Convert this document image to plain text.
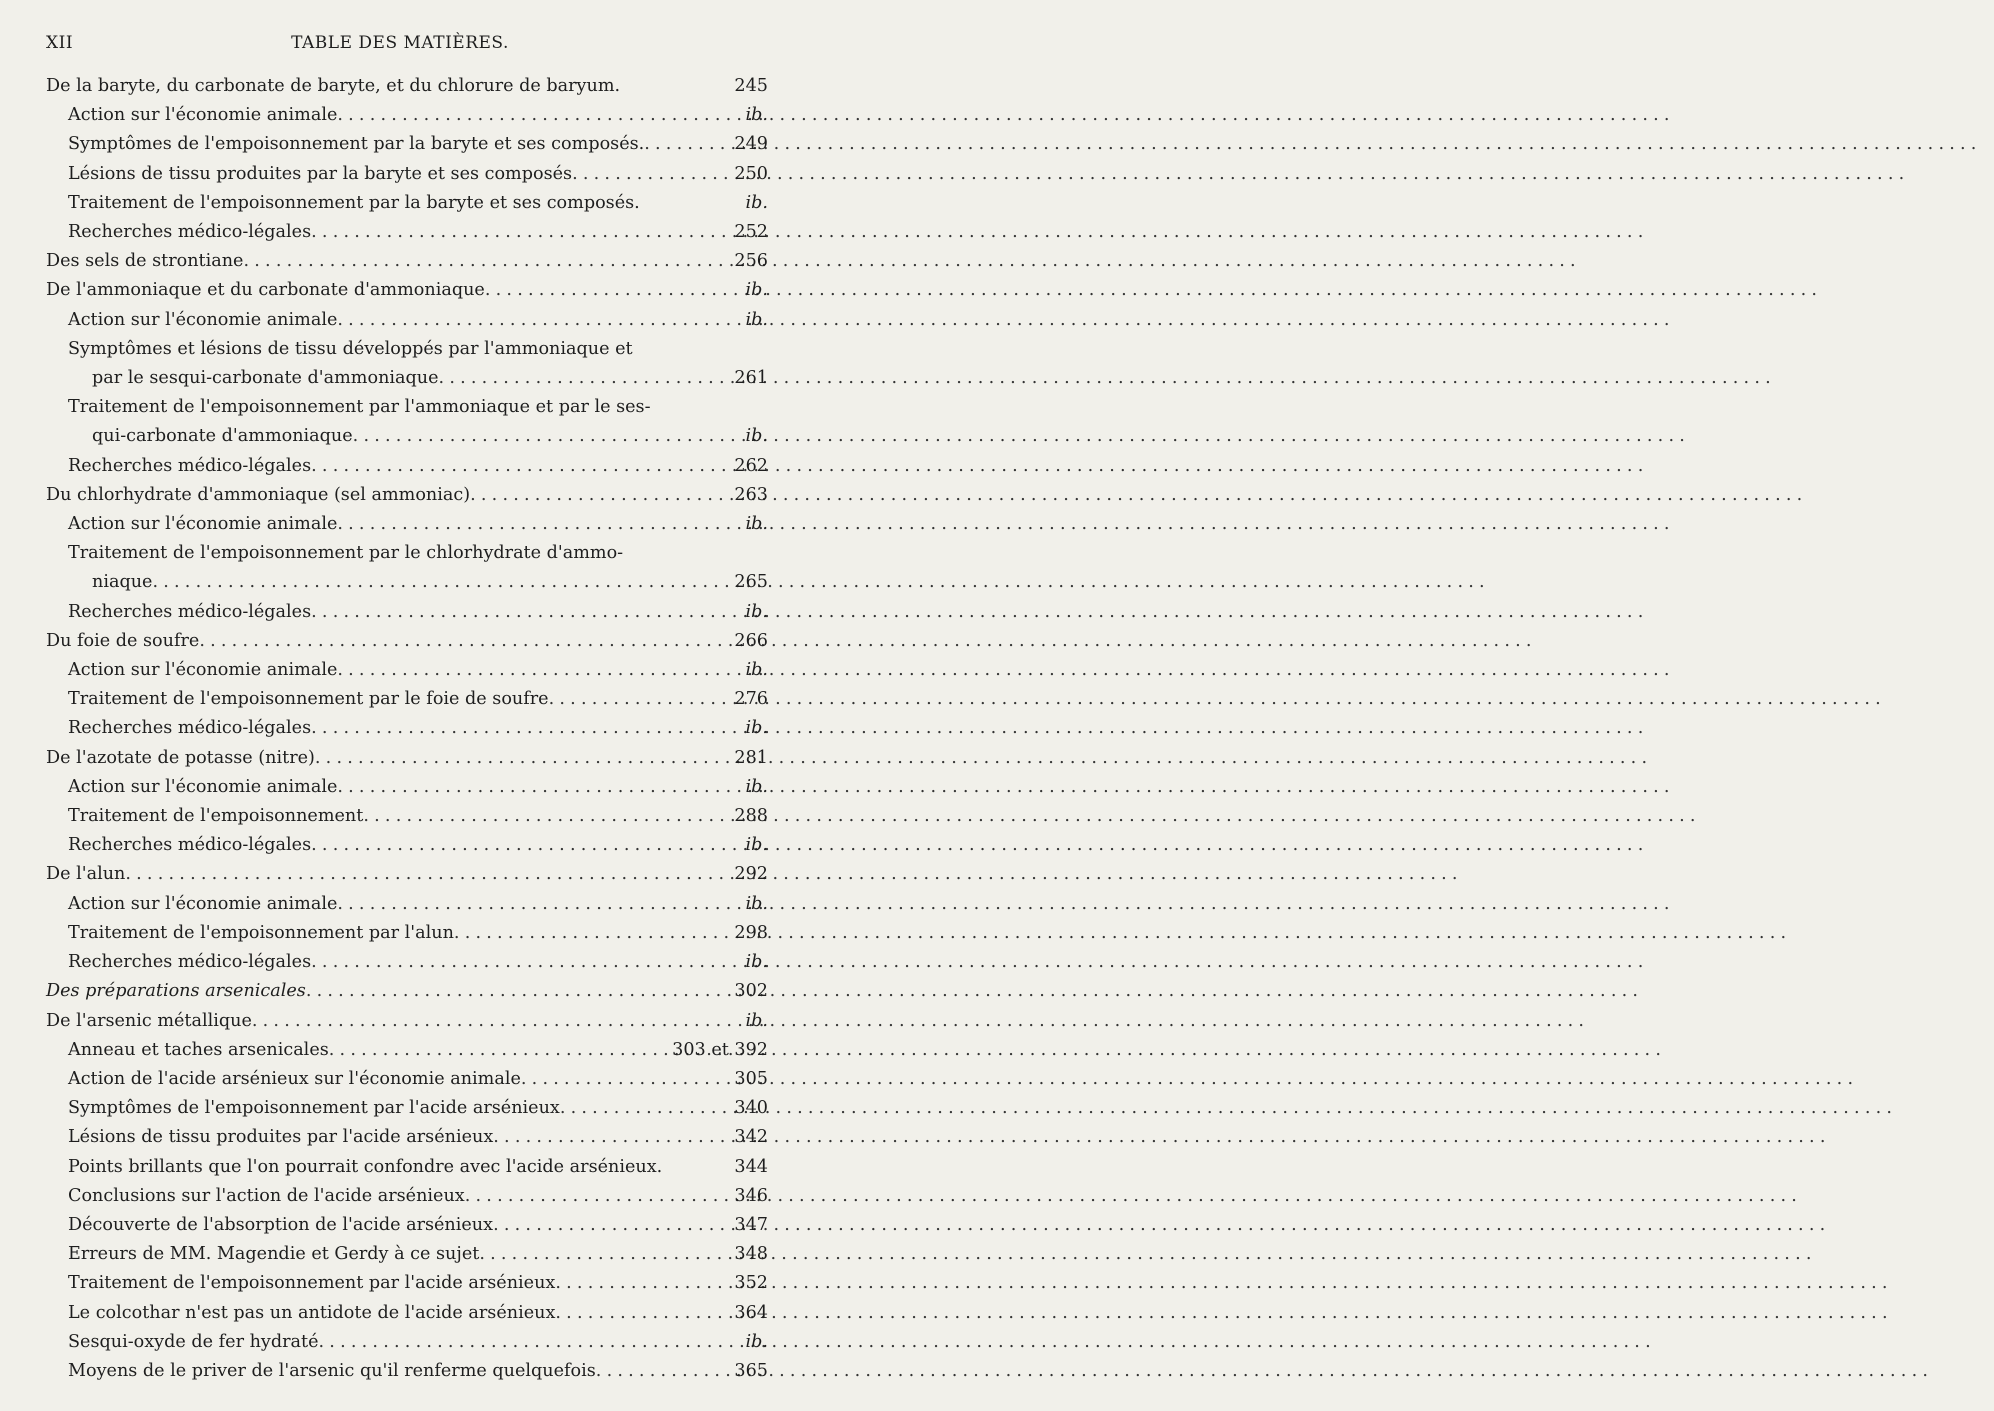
XII	TABLE DES MATIÈRES.
De la baryte, du carbonate de baryte, et du chlorure de baryum.	245
Action sur l'économie animale . . .	ib.
Symptômes de l'empoisonnement par la baryte et ses composés. . . .	249
Lésions de tissu produites par la baryte et ses composés . . .	250
Traitement de l'empoisonnement par la baryte et ses composés.	ib.
Recherches médico-légales . . .	252
Des sels de strontiane . . .	256
De l'ammoniaque et du carbonate d'ammoniaque . . .	ib.
Action sur l'économie animale . . .	ib.
Symptômes et lésions de tissu développés par l'ammoniaque et
par le sesqui-carbonate d'ammoniaque . . .	261
Traitement de l'empoisonnement par l'ammoniaque et par le ses-
qui-carbonate d'ammoniaque . . .	ib.
Recherches médico-légales . . .	262
Du chlorhydrate d'ammoniaque (sel ammoniac) . . .	263
Action sur l'économie animale . . .	ib.
Traitement de l'empoisonnement par le chlorhydrate d'ammo-
niaque . . .	265
Recherches médico-légales . . .	ib.
Du foie de soufre . . .	266
Action sur l'économie animale . . .	ib.
Traitement de l'empoisonnement par le foie de soufre . . .	276
Recherches médico-légales . . .	ib.
De l'azotate de potasse (nitre) . . .	281
Action sur l'économie animale . . .	ib.
Traitement de l'empoisonnement . . .	288
Recherches médico-légales . . .	ib.
De l'alun . . .	292
Action sur l'économie animale . . .	ib.
Traitement de l'empoisonnement par l'alun . . .	298
Recherches médico-légales . . .	ib.
Des préparations arsenicales . . .	302
De l'arsenic métallique . . .	ib.
Anneau et taches arsenicales . . .	303 et 392
Action de l'acide arsénieux sur l'économie animale . . .	305
Symptômes de l'empoisonnement par l'acide arsénieux . . .	340
Lésions de tissu produites par l'acide arsénieux . . .	342
Points brillants que l'on pourrait confondre avec l'acide arsénieux.	344
Conclusions sur l'action de l'acide arsénieux . . .	346
Découverte de l'absorption de l'acide arsénieux . . .	347
Erreurs de MM. Magendie et Gerdy à ce sujet . . .	348
Traitement de l'empoisonnement par l'acide arsénieux . . .	352
Le colcothar n'est pas un antidote de l'acide arsénieux . . .	364
Sesqui-oxyde de fer hydraté . . .	ib.
Moyens de le priver de l'arsenic qu'il renferme quelquefois . . .	365
